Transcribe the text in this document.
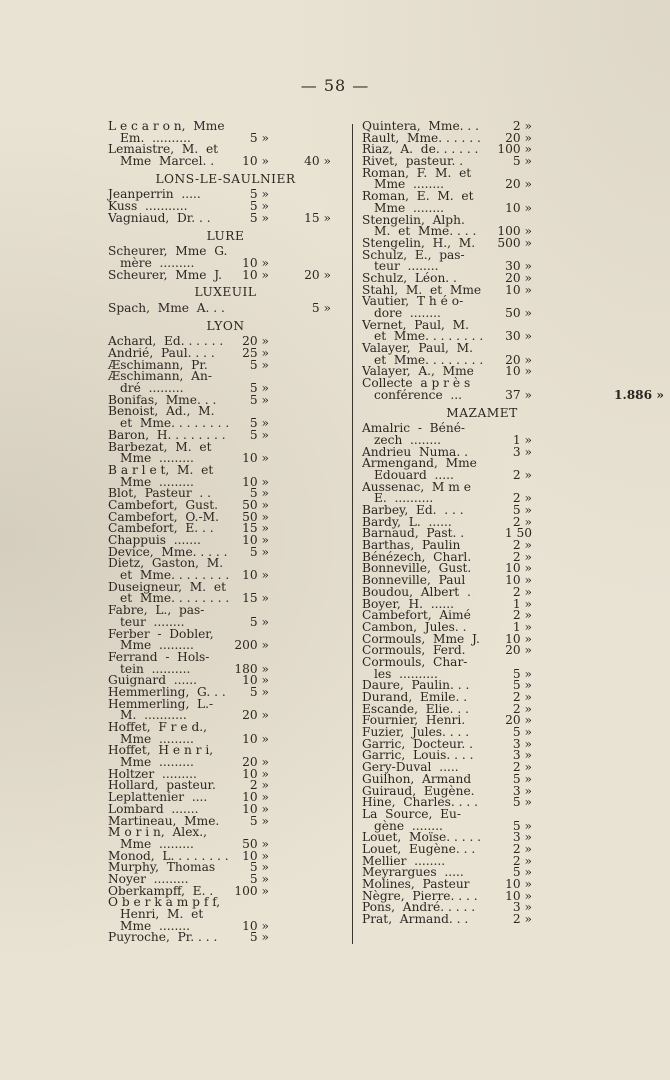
— 58 —
L e c a r o n,  Mme
Em.  ..........	5 »
Lemaistre,  M.  et
Mme  Marcel. . 10 »	40 »
LONS-LE-SAULNIER
Jeanperrin  .....	5 »
Kuss  ...........	5 »
Vagniaud,  Dr. . .	5 »	15 »
LURE
Scheurer,  Mme  G.
mère  .........	10 »
Scheurer,  Mme  J. 10 »	20 »
LUXEUIL
Spach,  Mme  A. . .	5 »
LYON
Achard,  Ed. . . . . . 20 »
Andrié,  Paul. . . . 25 »
Æschimann,  Pr.	5 »
Æschimann,  An-
dré  .........	5 »
Bonifas,  Mme. . .	5 »
Benoist,  Ad.,  M.
et  Mme. . . . . . . . 5 »
Baron,  H. . . . . . . . 5 »
Barbezat,  M.  et
Mme  .........	10 »
B a r l e t,  M.  et
Mme  .........	10 »
Blot,  Pasteur  . .	5 »
Cambefort,  Gust. 50 »
Cambefort,  O.-M. 50 »
Cambefort,  E. . . 15 »
Chappuis  .......	10 »
Device,  Mme. . . . . 5 »
Dietz,  Gaston,  M.
et  Mme. . . . . . . . 10 »
Duseigneur,  M.  et
et  Mme. . . . . . . . 15 »
Fabre,  L.,  pas-
teur  ........	5 »
Ferber  -  Dobler,
Mme  .........	200 »
Ferrand  -  Hols-
tein  ..........	180 »
Guignard  ......	10 »
Hemmerling,  G. . . 5 »
Hemmerling,  L.-
M.  ...........	20 »
Hoffet,  F r e d.,
Mme  .........	10 »
Hoffet,  H e n r i,
Mme  .........	20 »
Holtzer  .........	10 »
Hollard,  pasteur.	2 »
Leplattenier  ....	10 »
Lombard  .......	10 »
Martineau,  Mme.	5 »
M o r i n,  Alex.,
Mme  .........	50 »
Monod,  L. . . . . . . . 10 »
Murphy,  Thomas	5 »
Noyer  .........	5 »
Oberkampff,  E. . 100 »
O b e r k a m p f f,
Henri,  M.  et
Mme  ........	10 »
Puyroche,  Pr. . . .	5 »
Quintera,  Mme. . .	2 »
Rault,  Mme. . . . . . 20 »
Riaz,  A.  de. . . . . . 100 »
Rivet,  pasteur. .	5 »
Roman,  F.  M.  et
Mme  ........	20 »
Roman,  E.  M.  et
Mme  ........	10 »
Stengelin,  Alph.
M.  et  Mme. . . . 100 »
Stengelin,  H.,  M. 500 »
Schulz,  E.,  pas-
teur  ........	30 »
Schulz,  Léon. .	20 »
Stahl,  M.  et  Mme 10 »
Vautier,  T h é o-
dore  ........	50 »
Vernet,  Paul,  M.
et  Mme. . . . . . . . 30 »
Valayer,  Paul,  M.
et  Mme. . . . . . . . 20 »
Valayer,  A.,  Mme	10 »
Collecte  a p r è s
conférence  ...	37 »	1.886 »
MAZAMET
Amalric  -  Béné-
zech  ........	1 »
Andrieu  Numa. .	3 »
Armengand,  Mme
Edouard  .....	2 »
Aussenac,  M m e
E.  ..........	2 »
Barbey,  Ed.  . . .	5 »
Bardy,  L.  ......	2 »
Barnaud,  Past. .	1 50
Barthas,  Paulin	2 »
Bénézech,  Charl.	2 »
Bonneville,  Gust.	10 »
Bonneville,  Paul	10 »
Boudou,  Albert  .	2 »
Boyer,  H.  ......	1 »
Cambefort,  Aimé	2 »
Cambon,  Jules. .	1 »
Cormouls,  Mme  J. 10 »
Cormouls,  Ferd.	20 »
Cormouls,  Char-
les  ..........	5 »
Daure,  Paulin. . .	5 »
Durand,  Emile. .	2 »
Escande,  Elie. . .	2 »
Fournier,  Henri.	20 »
Fuzier,  Jules. . . .	5 »
Garric,  Docteur. .	3 »
Garric,  Louis. . . .	3 »
Gery-Duval  .....	2 »
Guilhon,  Armand	5 »
Guiraud,  Eugène.	3 »
Hine,  Charles. . . .	5 »
La  Source,  Eu-
gène  ........	5 »
Louet,  Moïse. . . . .	3 »
Louet,  Eugène. . .	2 »
Mellier  ........	2 »
Meyrargues  .....	5 »
Molines,  Pasteur	10 »
Nègre,  Pierre. . . . 10 »
Pons,  André. . . . .	3 »
Prat,  Armand. . .	2 »
